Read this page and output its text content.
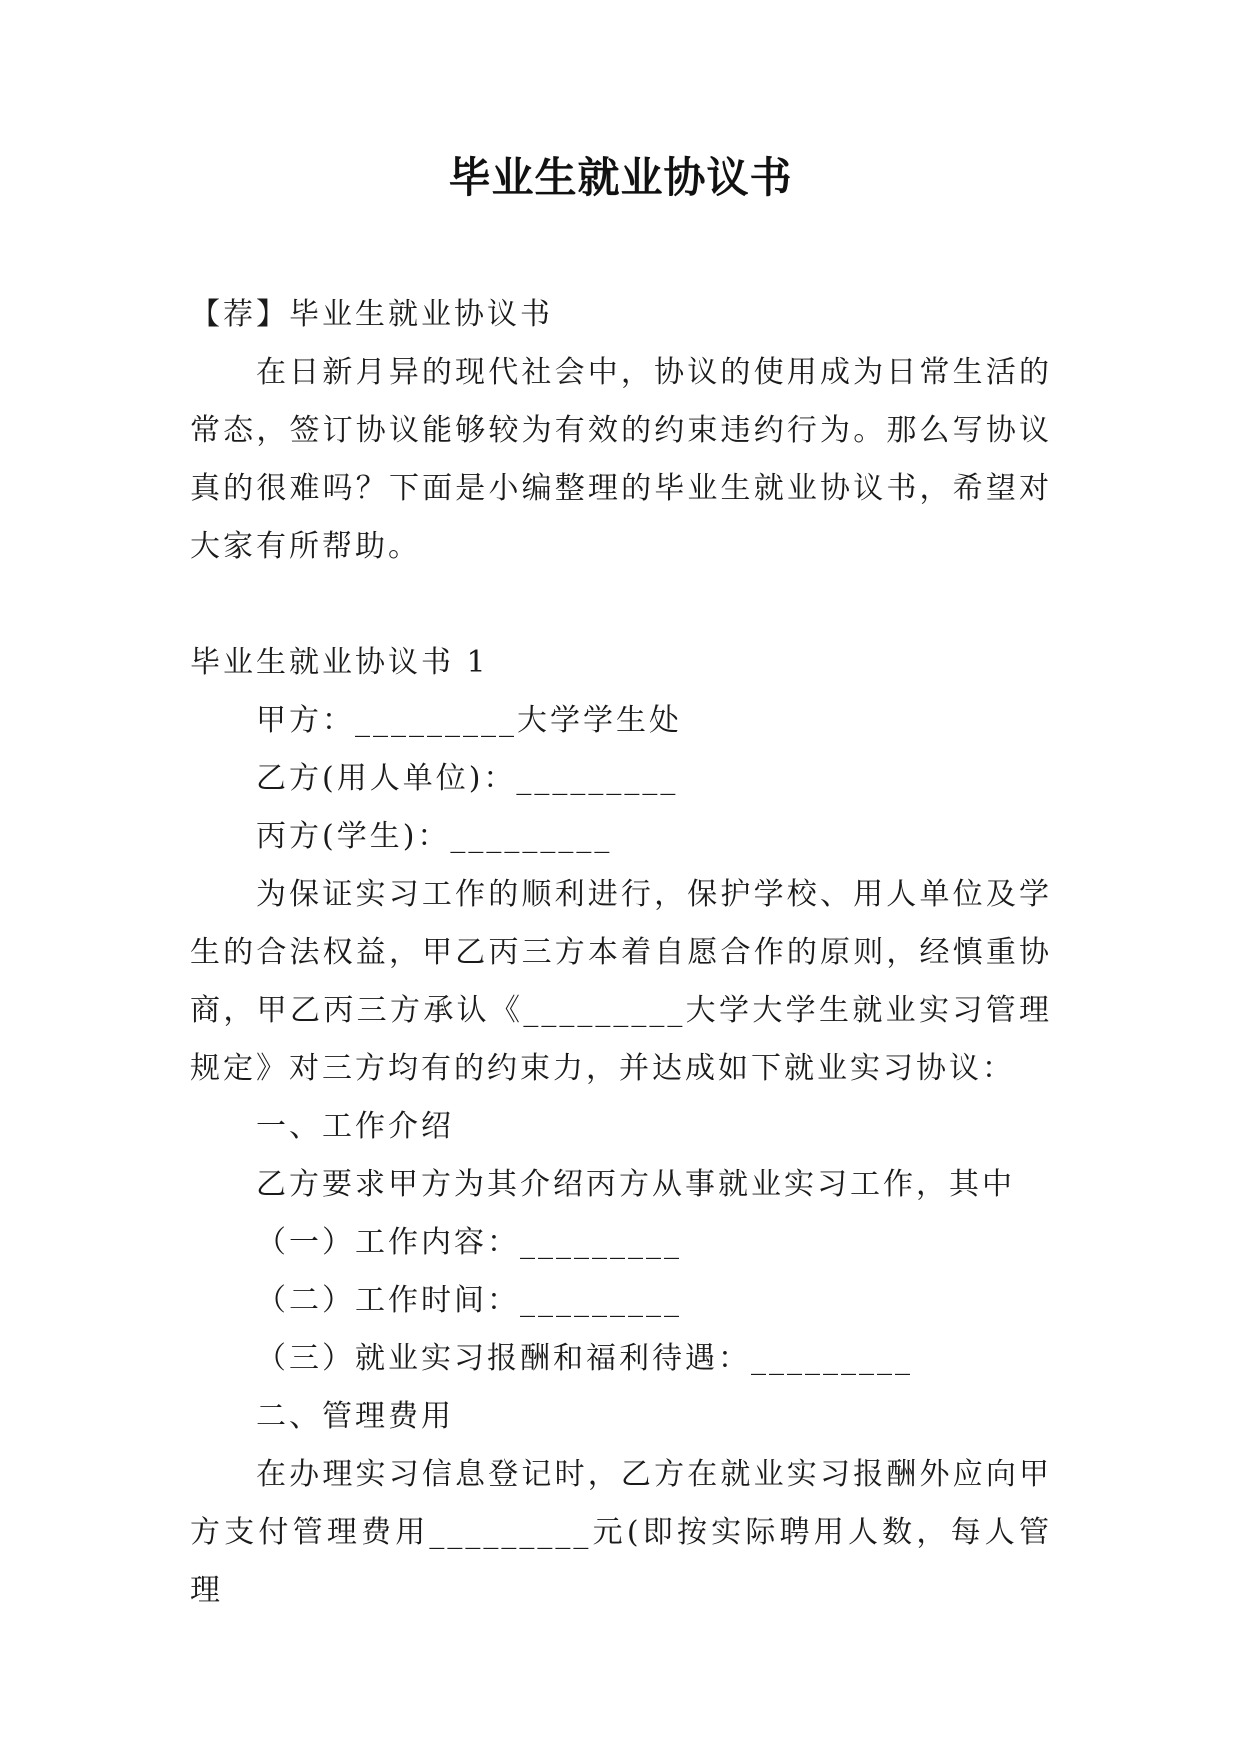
毕业生就业协议书

【荐】毕业生就业协议书

在日新月异的现代社会中，协议的使用成为日常生活的常态，签订协议能够较为有效的约束违约行为。那么写协议真的很难吗？下面是小编整理的毕业生就业协议书，希望对大家有所帮助。

毕业生就业协议书 1

甲方：_________大学学生处

乙方(用人单位)：_________

丙方(学生)：_________

为保证实习工作的顺利进行，保护学校、用人单位及学生的合法权益，甲乙丙三方本着自愿合作的原则，经慎重协商，甲乙丙三方承认《_________大学大学生就业实习管理规定》对三方均有的约束力，并达成如下就业实习协议：

一、工作介绍

乙方要求甲方为其介绍丙方从事就业实习工作，其中

（一）工作内容：_________

（二）工作时间：_________

（三）就业实习报酬和福利待遇：_________

二、管理费用

在办理实习信息登记时，乙方在就业实习报酬外应向甲方支付管理费用_________元(即按实际聘用人数，每人管理
